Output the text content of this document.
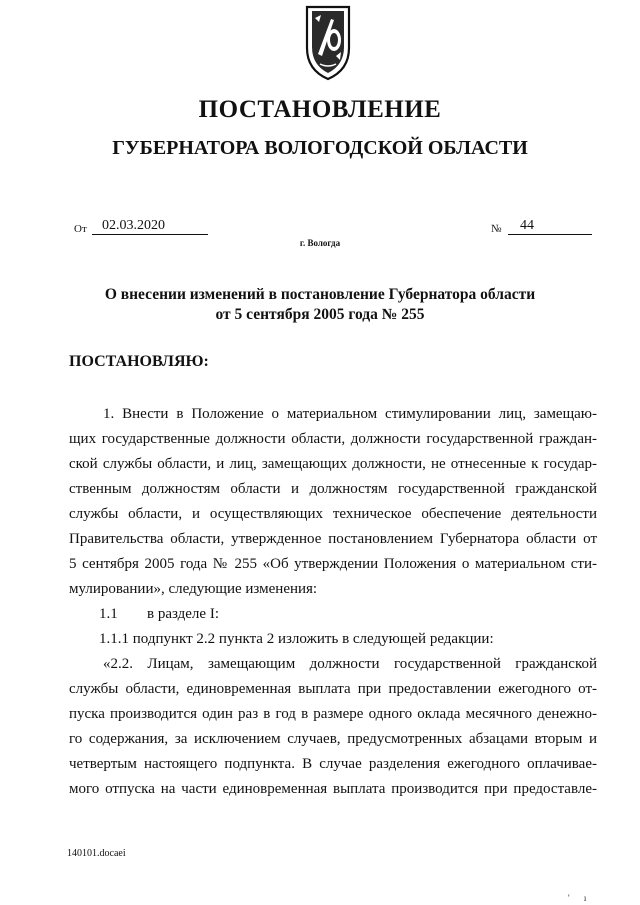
ПОСТАНОВЛЕНИЕ
ГУБЕРНАТОРА ВОЛОГОДСКОЙ ОБЛАСТИ
От	02.03.2020	№	44
г. Вологда
О внесении изменений в постановление Губернатора области
от 5 сентября 2005 года № 255
ПОСТАНОВЛЯЮ:
1. Внести в Положение о материальном стимулировании лиц, замещаю-
щих государственные должности области, должности государственной граждан-
ской службы области, и лиц, замещающих должности, не отнесенные к государ-
ственным должностям области и должностям государственной гражданской
службы области, и осуществляющих техническое обеспечение деятельности
Правительства области, утвержденное постановлением Губернатора области от
5 сентября 2005 года № 255 «Об утверждении Положения о материальном сти-
мулировании», следующие изменения:
1.1 в разделе I:
1.1.1 подпункт 2.2 пункта 2 изложить в следующей редакции:
«2.2. Лицам, замещающим должности государственной гражданской
службы области, единовременная выплата при предоставлении ежегодного от-
пуска производится один раз в год в размере одного оклада месячного денежно-
го содержания, за исключением случаев, предусмотренных абзацами вторым и
четвертым настоящего подпункта. В случае разделения ежегодного оплачивае-
мого отпуска на части единовременная выплата производится при предоставле-
140101.docaei
' ı
